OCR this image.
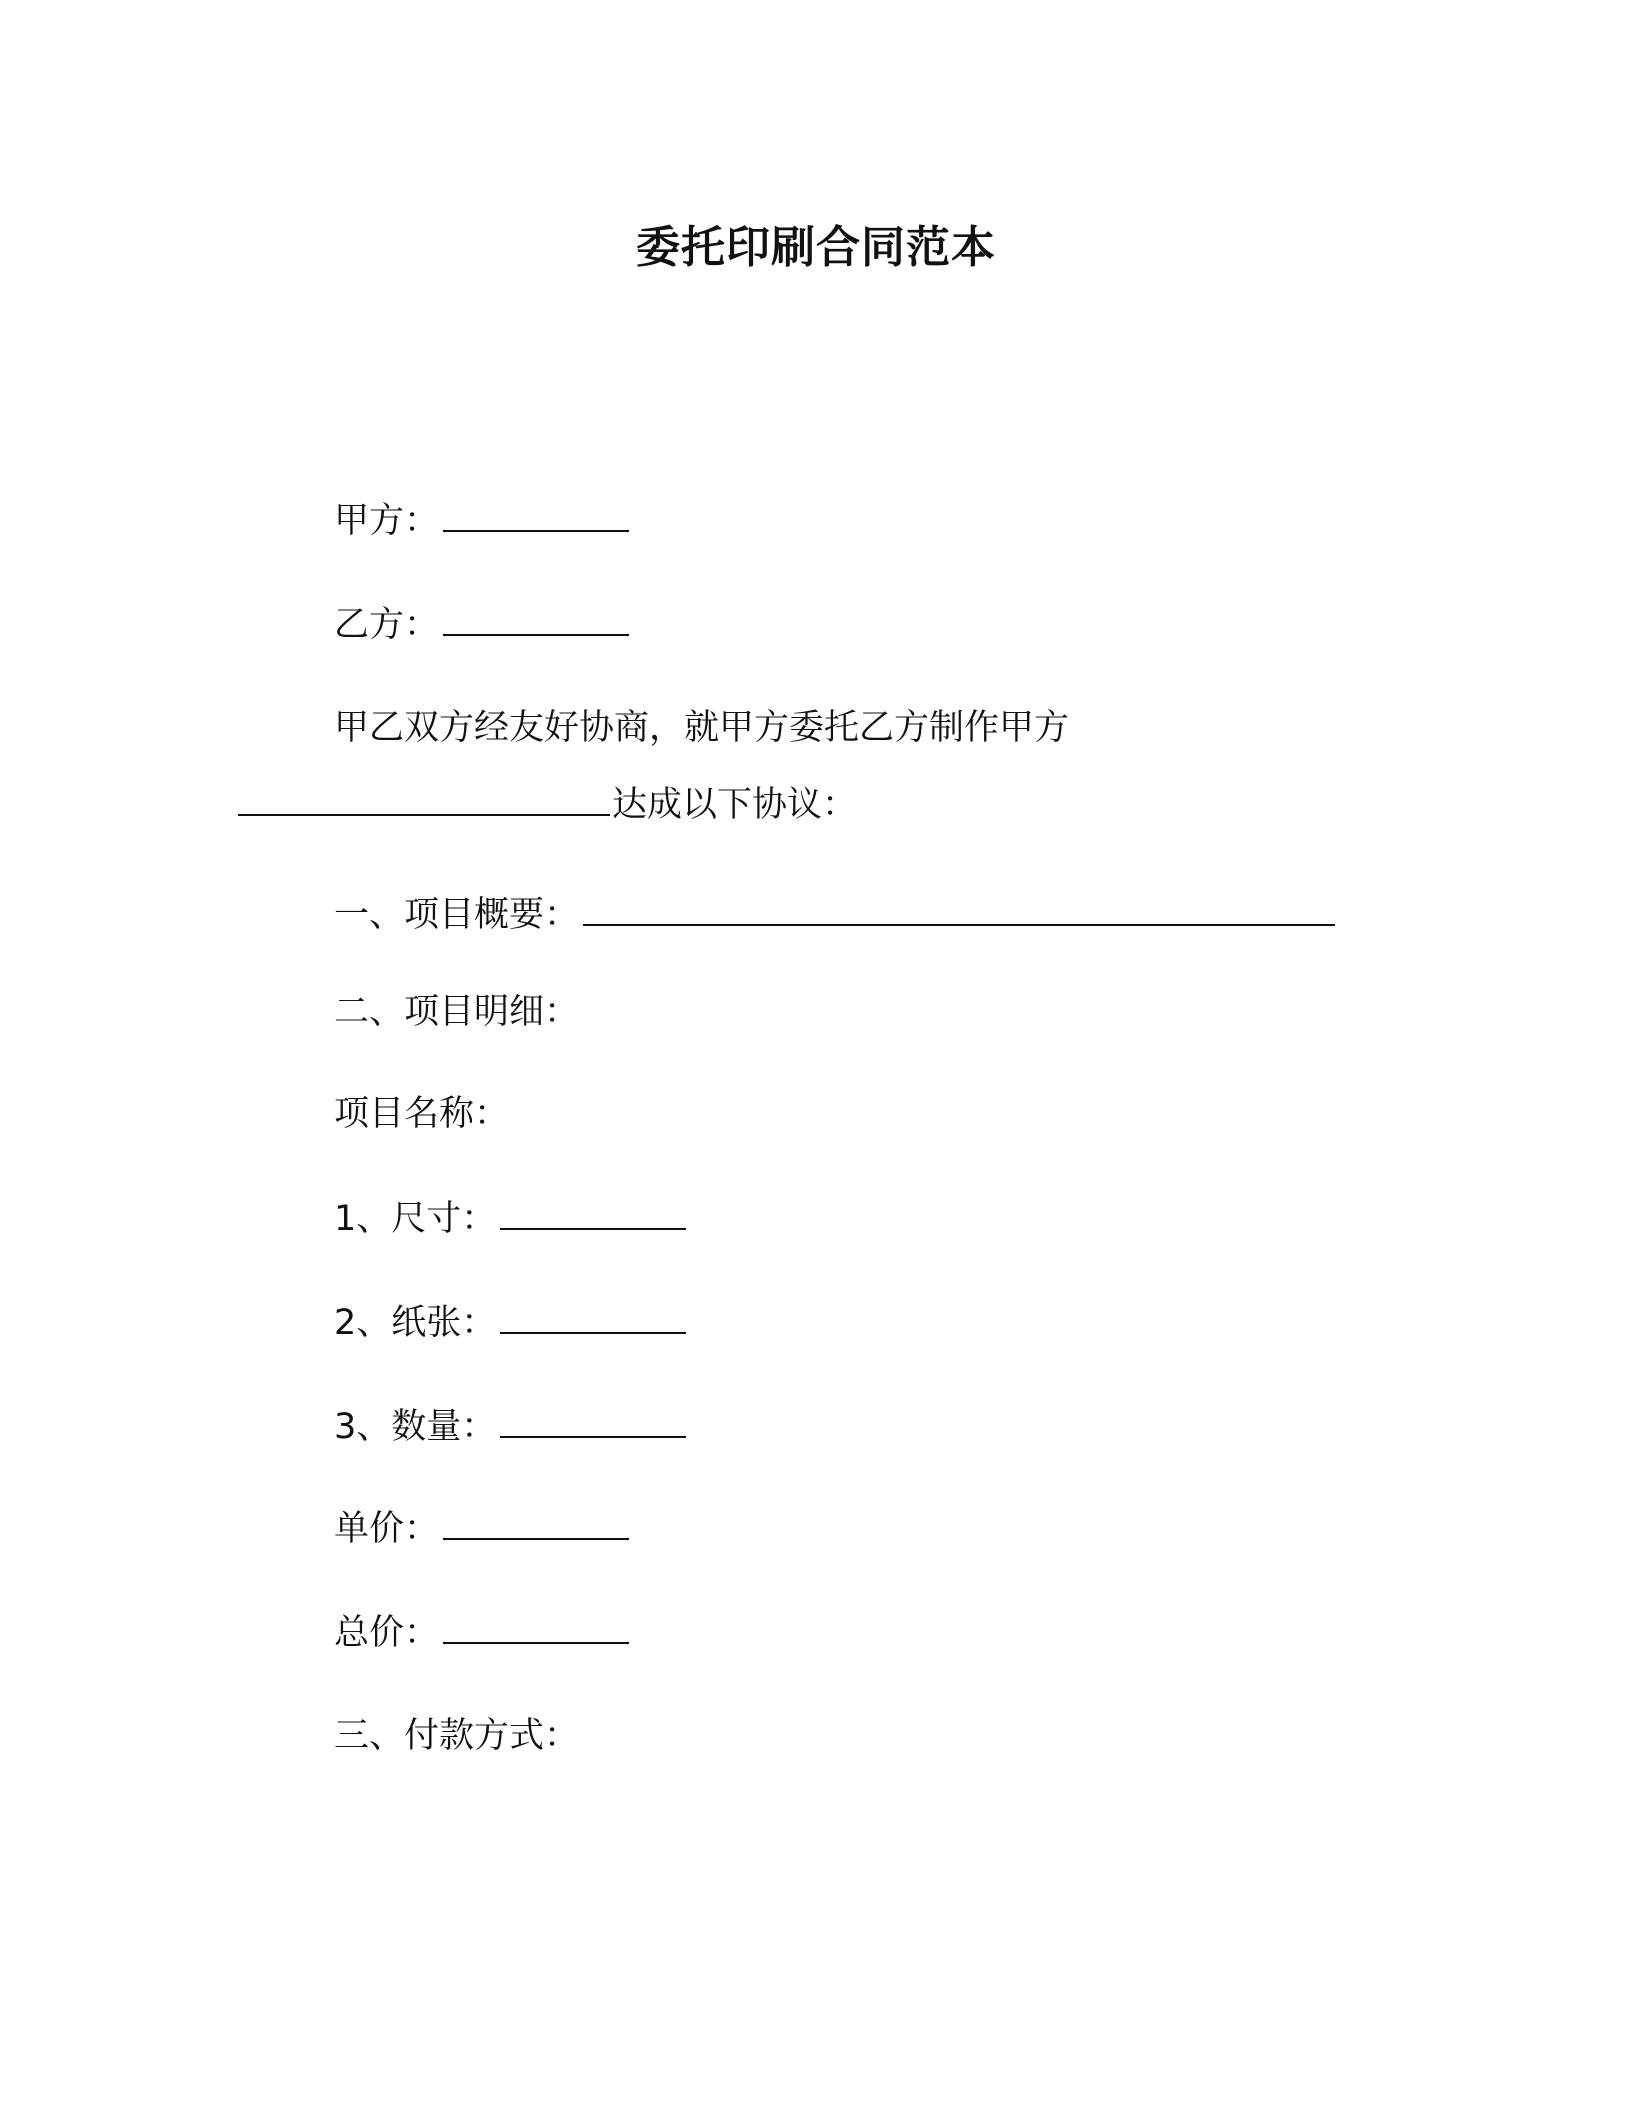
委托印刷合同范本

甲方：

乙方：

甲乙双方经友好协商，就甲方委托乙方制作甲方

达成以下协议：

一、项目概要：

二、项目明细：

项目名称：

1、尺寸：

2、纸张：

3、数量：

单价：

总价：

三、付款方式：
